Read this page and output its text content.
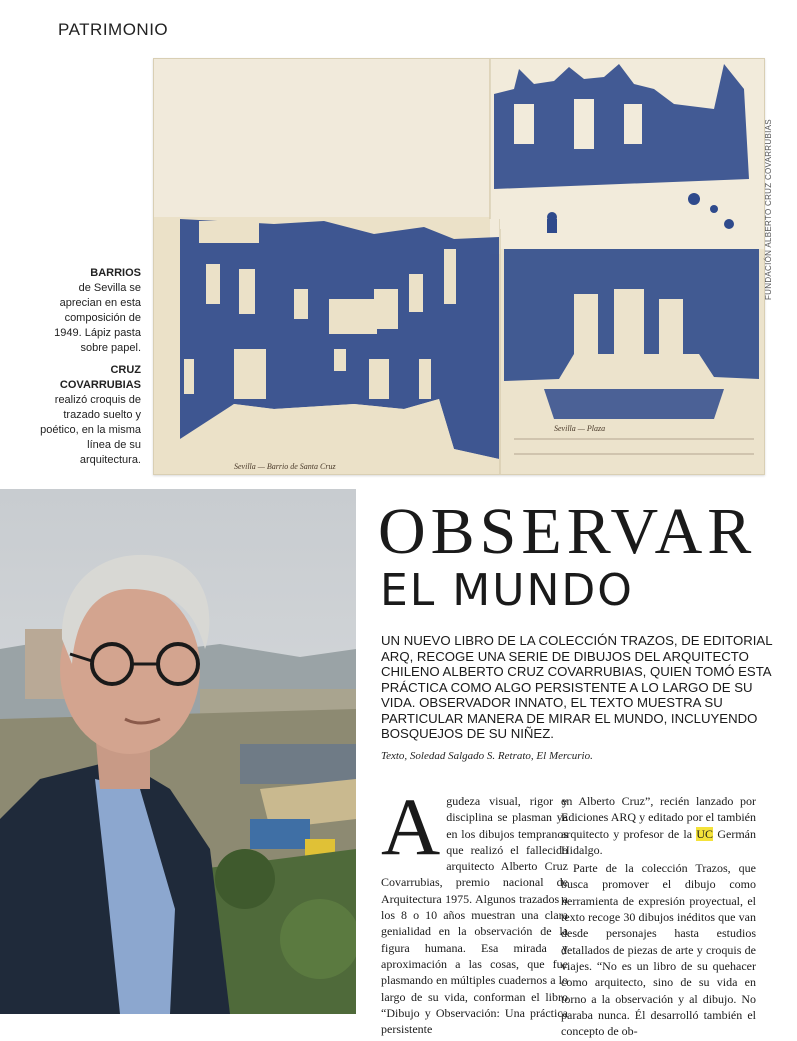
PATRIMONIO
Sevilla — Plaza
Sevilla — Barrio de Santa Cruz
FUNDACIÓN ALBERTO CRUZ COVARRUBIAS

BARRIOS
de Sevilla se aprecian en esta composición de 1949. Lápiz pasta sobre papel.

CRUZ COVARRUBIAS
realizó croquis de trazado suelto y poético, en la misma línea de su arquitectura.

OBSERVAR
EL MUNDO
UN NUEVO LIBRO DE LA COLECCIÓN TRAZOS, DE EDITORIAL ARQ, RECOGE UNA SERIE DE DIBUJOS DEL ARQUITECTO CHILENO ALBERTO CRUZ COVARRUBIAS, QUIEN TOMÓ ESTA PRÁCTICA COMO ALGO PERSISTENTE A LO LARGO DE SU VIDA. OBSERVADOR INNATO, EL TEXTO MUESTRA SU PARTICULAR MANERA DE MIRAR EL MUNDO, INCLUYENDO BOSQUEJOS DE SU NIÑEZ.
Texto, Soledad Salgado S. Retrato, El Mercurio.
Agudeza visual, rigor y disciplina se plasman ya en los dibujos tempranos que realizó el fallecido arquitecto Alberto Cruz Covarrubias, premio nacional de Arquitectura 1975. Algunos trazados a los 8 o 10 años muestran una clara genialidad en la observación de la figura humana. Esa mirada y aproximación a las cosas, que fue plasmando en múltiples cuadernos a lo largo de su vida, conforman el libro “Dibujo y Observación: Una práctica persistente

en Alberto Cruz”, recién lanzado por Ediciones ARQ y editado por el también arquitecto y profesor de la UC Germán Hidalgo.

Parte de la colección Trazos, que busca promover el dibujo como herramienta de expresión proyectual, el texto recoge 30 dibujos inéditos que van desde personajes hasta estudios detallados de piezas de arte y croquis de viajes. “No es un libro de su quehacer como arquitecto, sino de su vida en torno a la observación y al dibujo. No paraba nunca. Él desarrolló también el concepto de ob-
